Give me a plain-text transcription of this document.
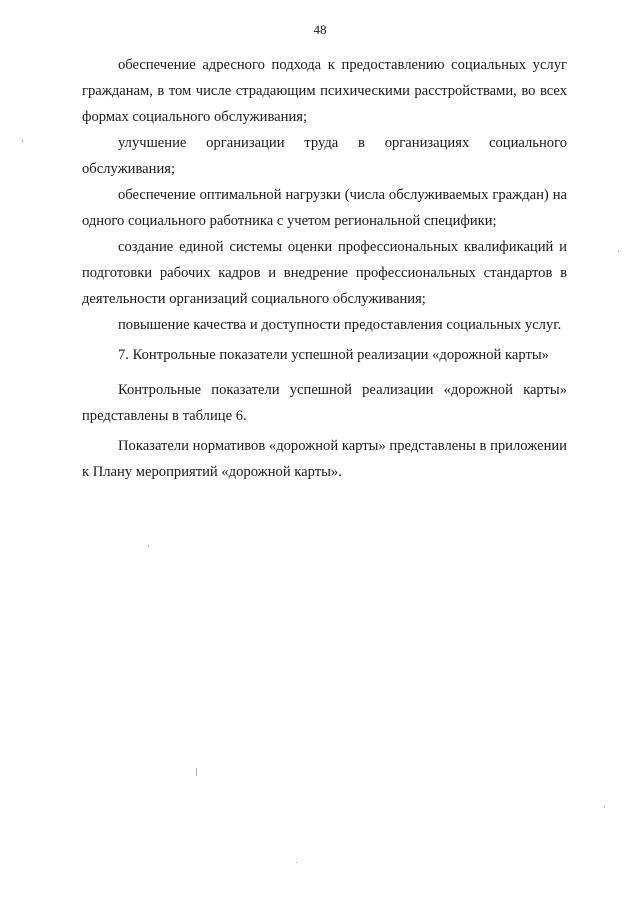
48

обеспечение адресного подхода к предоставлению социальных услуг гражданам, в том числе страдающим психическими расстройствами, во всех формах социального обслуживания;

улучшение организации труда в организациях социального обслуживания;

обеспечение оптимальной нагрузки (числа обслуживаемых граждан) на одного социального работника с учетом региональной специфики;

создание единой системы оценки профессиональных квалификаций и подготовки рабочих кадров и внедрение профессиональных стандартов в деятельности организаций социального обслуживания;

повышение качества и доступности предоставления социальных услуг.

7. Контрольные показатели успешной реализации «дорожной карты»

Контрольные показатели успешной реализации «дорожной карты» представлены в таблице 6.

Показатели нормативов «дорожной карты» представлены в приложении к Плану мероприятий «дорожной карты».
